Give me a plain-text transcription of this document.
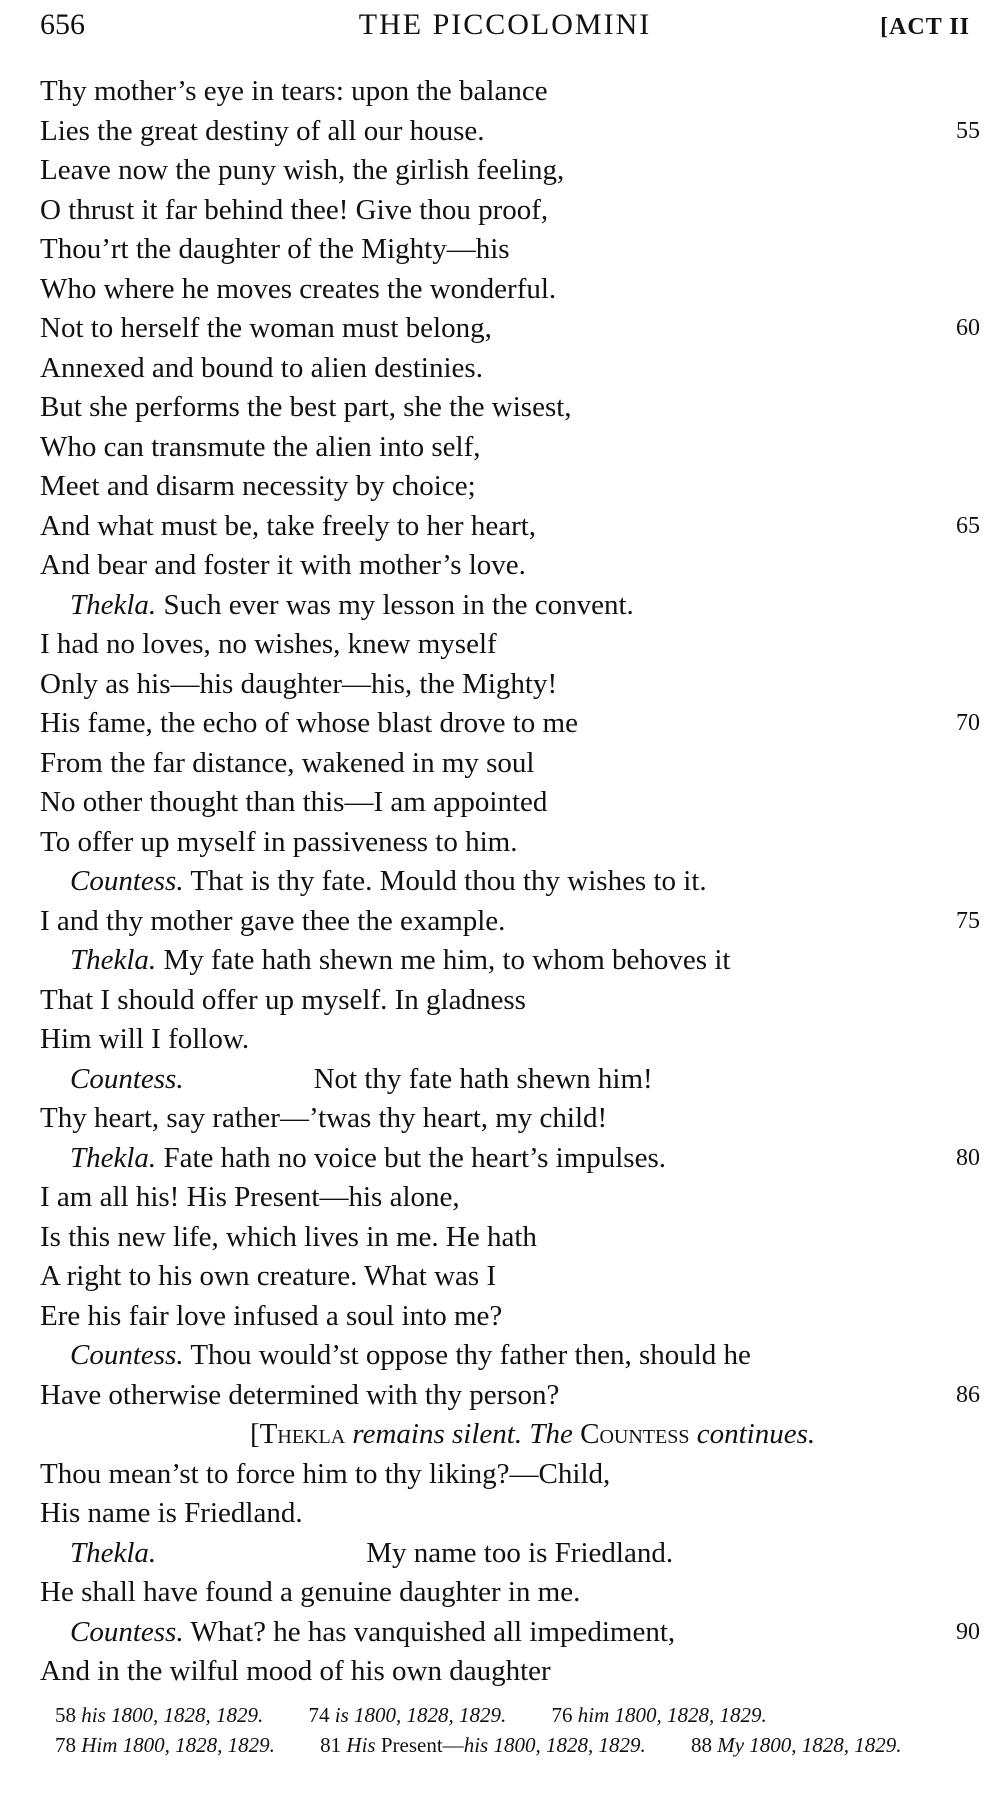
656	THE PICCOLOMINI	[ACT II
Thy mother’s eye in tears: upon the balance
Lies the great destiny of all our house.	55
Leave now the puny wish, the girlish feeling,
O thrust it far behind thee! Give thou proof,
Thou’rt the daughter of the Mighty—his
Who where he moves creates the wonderful.
Not to herself the woman must belong,	60
Annexed and bound to alien destinies.
But she performs the best part, she the wisest,
Who can transmute the alien into self,
Meet and disarm necessity by choice;
And what must be, take freely to her heart,	65
And bear and foster it with mother’s love.
Thekla. Such ever was my lesson in the convent.
I had no loves, no wishes, knew myself
Only as his—his daughter—his, the Mighty!
His fame, the echo of whose blast drove to me	70
From the far distance, wakened in my soul
No other thought than this—I am appointed
To offer up myself in passiveness to him.
Countess. That is thy fate. Mould thou thy wishes to it.
I and thy mother gave thee the example.	75
Thekla. My fate hath shewn me him, to whom behoves it
That I should offer up myself. In gladness
Him will I follow.
Countess.	Not thy fate hath shewn him!
Thy heart, say rather—’twas thy heart, my child!
Thekla. Fate hath no voice but the heart’s impulses.	80
I am all his! His Present—his alone,
Is this new life, which lives in me. He hath
A right to his own creature. What was I
Ere his fair love infused a soul into me?
Countess. Thou would’st oppose thy father then, should he
Have otherwise determined with thy person?	86
[Thekla remains silent. The Countess continues.
Thou mean’st to force him to thy liking?—Child,
His name is Friedland.
Thekla.	My name too is Friedland.
He shall have found a genuine daughter in me.
Countess. What? he has vanquished all impediment,	90
And in the wilful mood of his own daughter
58 his 1800, 1828, 1829. 74 is 1800, 1828, 1829. 76 him 1800, 1828, 1829. 78 Him 1800, 1828, 1829. 81 His Present—his 1800, 1828, 1829. 88 My 1800, 1828, 1829.
